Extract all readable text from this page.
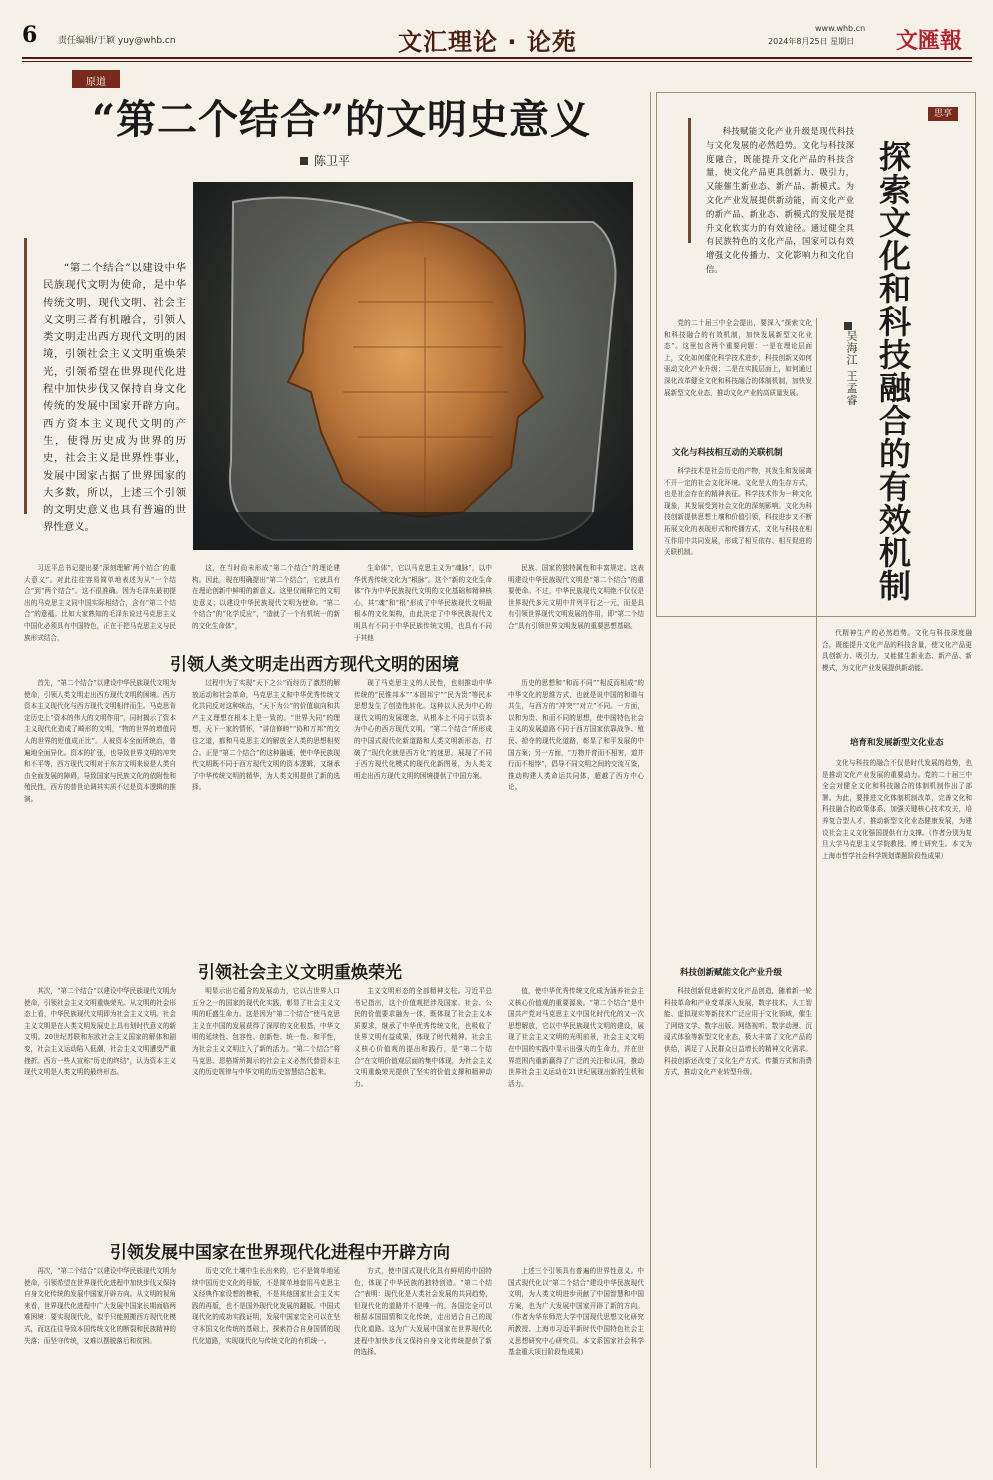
6 责任编辑/于颖 yuy@whb.cn	文汇理论 · 论苑	www.whb.cn
2024年8月25日 星期日 文匯報
原道
“第二个结合”的文明史意义
陈卫平

“第二个结合”以建设中华民族现代文明为使命，是中华传统文明、现代文明、社会主义文明三者有机融合，引领人类文明走出西方现代文明的困境，引领社会主义文明重焕荣光，引领希望在世界现代化进程中加快步伐又保持自身文化传统的发展中国家开辟方向。西方资本主义现代文明的产生，使得历史成为世界的历史，社会主义是世界性事业，发展中国家占据了世界国家的大多数，所以，上述三个引领的文明史意义也具有普遍的世界性意义。

图为河南安阳殷墟博物馆新馆内景 新华社图

习近平总书记提出要“深刻理解‘两个结合’的重大意义”。对此往往容易简单地表述为从“一个结合”到“两个结合”。这不很准确。因为毛泽东最初提出的马克思主义同中国实际相结合，含有“第二个结合”的意蕴。比如大家熟知的毛泽东说过马克思主义中国化必须具有中国特色，正在于把马克思主义与民族形式结合，

这，在当时尚未形成“第二个结合”的理论建构。因此，现在明确提出“第二个结合”，它就具有在理论创新中鲜明的新意义。这里仅阐释它的文明史意义；以建设中华民族现代文明为使命。“第二个结合”的“化学反应”，“造就了一个有机统一的新的文化生命体”，

生命体”，它以马克思主义为“魂脉”，以中华优秀传统文化为“根脉”。这个“新的文化生命体”作为中华民族现代文明的文化基础和精神核心，其“魂”和“根”形成了中华民族现代文明最根本的文化架构，由此决定了中华民族现代文明具有不同于中华民族传统文明，也具有不同于其他

民族、国家的独特属性和丰富规定。这表明建设中华民族现代文明是“第二个结合”的重要使命。不过，中华民族现代文明绝不仅仅是世界现代多元文明中并列平行之一元，而是具有引领世界现代文明发展的作用，即“第二个结合”具有引领世界文明发展的重要思想基础。

引领人类文明走出西方现代文明的困境

首先，“第二个结合”以建设中华民族现代文明为使命，引领人类文明走出西方现代文明的困境。西方资本主义现代化与西方现代文明相伴而生。马克思肯定历史上“资本的伟大的文明作用”，同时揭示了资本主义现代化造成了畸形的文明，“物的世界的增值同人的世界的贬值成正比”。人被资本全面所统治，普遍地全面异化。资本的扩张，也导致世界文明的冲突和不平等，西方现代文明对于东方文明来说是人类自由全面发展的障碍，导致国家与民族文化的依附性和殖民性，西方的普世论调其实质不过是资本逻辑的推演。

过程中为了实现“天下之公”而经历了激烈的解放运动和社会革命，马克思主义和中华优秀传统文化共同反对这种统治，“天下为公”的价值取向和共产主义理想在根本上是一致的。“世界大同”的理想，天下一家的情怀，“讲信修睦”“协和万邦”的交往之道，都和马克思主义的解放全人类的思想相契合。正是“第二个结合”的这种融通，使中华民族现代文明既不同于西方现代文明的资本逻辑，又继承了中华传统文明的精华，为人类文明提供了新的选择。

现了马克思主义的人民性，也则推动中华传统的“民惟邦本”“本固邦宁”“民为贵”等民本思想发生了创造性转化。这种以人民为中心的现代文明的发展理念，从根本上不同于以资本为中心的西方现代文明。“第二个结合”所形成的中国式现代化新道路和人类文明新形态，打破了“现代化就是西方化”的迷思，展现了不同于西方现代化模式的现代化新图景，为人类文明走出西方现代文明的困境提供了中国方案。

历史的思想和“和而不同”“相反而相成”的中华文化的思维方式，也就是说中国的和谐与共生，与西方的“冲突”“对立”不同。一方面，以和为贵、和而不同的思想，使中国特色社会主义的发展道路不同于西方国家依靠战争、殖民、掠夺的现代化道路，彰显了和平发展的中国方案；另一方面，“万物并育而不相害，道并行而不相悖”，倡导不同文明之间的交流互鉴，推动构建人类命运共同体，超越了西方中心论。

引领社会主义文明重焕荣光

其次，“第二个结合”以建设中华民族现代文明为使命，引领社会主义文明重焕荣光。从文明的社会形态上看，中华民族现代文明即为社会主义文明。社会主义文明是在人类文明发展史上具有划时代意义的新文明。20世纪苏联和东欧社会主义国家的解体和剧变，社会主义运动陷入低潮，社会主义文明遭受严重挫折。西方一些人宣称“历史的终结”，认为资本主义现代文明是人类文明的最终形态。

明显示出它蕴含的发展动力，它以占世界人口五分之一的国家的现代化实践，彰显了社会主义文明的旺盛生命力。这是因为“第二个结合”使马克思主义在中国的发展获得了深厚的文化根基，中华文明的延续性、包容性、创新性、统一性、和平性，为社会主义文明注入了新的活力。“第二个结合”将马克思、恩格斯所揭示的社会主义必然代替资本主义的历史规律与中华文明的历史智慧结合起来。

主义文明形态的全部精神支柱。习近平总书记指出，这个价值观把涉及国家、社会、公民的价值要求融为一体，既体现了社会主义本质要求，继承了中华优秀传统文化，也吸收了世界文明有益成果，体现了时代精神。社会主义核心价值观的提出和践行，是“第二个结合”在文明价值观层面的集中体现，为社会主义文明重焕荣光提供了坚实的价值支撑和精神动力。

值，使中华优秀传统文化成为涵养社会主义核心价值观的重要源泉。“第二个结合”是中国共产党对马克思主义中国化时代化的又一次思想解放，它以中华民族现代文明的建设，展现了社会主义文明的光明前景，社会主义文明在中国的实践中显示出强大的生命力，并在世界范围内重新赢得了广泛的关注和认同，推动世界社会主义运动在21世纪展现出新的生机和活力。

引领发展中国家在世界现代化进程中开辟方向

再次，“第二个结合”以建设中华民族现代文明为使命，引领希望在世界现代化进程中加快步伐又保持自身文化传统的发展中国家开辟方向。从文明的视角来看，世界现代化进程中广大发展中国家长期面临两难困境：要实现现代化，似乎只能照搬西方现代化模式，而这往往导致本国传统文化的断裂和民族精神的失落；而坚守传统，又难以摆脱落后和贫困。

历史文化土壤中生长出来的，它不是简单地延续中国历史文化的母版，不是简单地套用马克思主义经典作家设想的模板，不是其他国家社会主义实践的再版，也不是国外现代化发展的翻版。中国式现代化的成功实践证明，发展中国家完全可以在坚守本国文化传统的基础上，探索符合自身国情的现代化道路，实现现代化与传统文化的有机统一。

方式，使中国式现代化具有鲜明的中国特色，体现了中华民族的独特创造。“第二个结合”表明：现代化是人类社会发展的共同趋势，但现代化的道路并不是唯一的，各国完全可以根据本国国情和文化传统，走出适合自己的现代化道路。这为广大发展中国家在世界现代化进程中加快步伐又保持自身文化传统提供了新的选择。

上述三个引领具有普遍的世界性意义。中国式现代化以“第二个结合”建设中华民族现代文明，为人类文明进步贡献了中国智慧和中国方案，也为广大发展中国家开辟了新的方向。（作者为华东师范大学中国现代思想文化研究所教授、上海市习近平新时代中国特色社会主义思想研究中心研究员。本文系国家社会科学基金重大项目阶段性成果）

思享
探索文化和科技融合的有效机制
吴海江 王孟睿
科技赋能文化产业升级是现代科技与文化发展的必然趋势。文化与科技深度融合，既能提升文化产品的科技含量，使文化产品更具创新力、吸引力，又能催生新业态、新产品、新模式。为文化产业发展提供新动能，而文化产业的新产品、新业态、新模式的发展是提升文化软实力的有效途径。通过健全具有民族特色的文化产品，国家可以有效增强文化传播力、文化影响力和文化自信。

党的二十届三中全会提出，要深入“探索文化和科技融合的有效机制，加快发展新型文化业态”。这里包含两个重要问题：一是在理论层面上，文化如何催化科学技术进步，科技创新又如何驱动文化产业升级；二是在实践层面上，如何通过深化改革健全文化和科技融合的体制机制，加快发展新型文化业态，推动文化产业的高质量发展。

文化与科技相互动的关联机制

科学技术是社会历史的产物，其发生和发展离不开一定的社会文化环境。文化是人的生存方式，也是社会存在的精神表征。科学技术作为一种文化现象，其发展受到社会文化的深刻影响。文化为科技创新提供思想土壤和价值引领，科技进步又不断拓展文化的表现形式和传播方式，文化与科技在相互作用中共同发展，形成了相互依存、相互促进的关联机制。

科技创新赋能文化产业升级

科技创新促进新的文化产品创造，随着新一轮科技革命和产业变革深入发展，数字技术、人工智能、虚拟现实等新技术广泛应用于文化领域，催生了网络文学、数字出版、网络视听、数字动漫、沉浸式体验等新型文化业态，极大丰富了文化产品的供给，满足了人民群众日益增长的精神文化需求。科技创新还改变了文化生产方式、传播方式和消费方式，推动文化产业转型升级。

代精神生产的必然趋势。文化与科技深度融合，既能提升文化产品的科技含量，使文化产品更具创新力、吸引力，又能催生新业态、新产品、新模式，为文化产业发展提供新动能。

培育和发展新型文化业态

文化与科技的融合不仅是时代发展的趋势，也是推动文化产业发展的重要动力。党的二十届三中全会对健全文化和科技融合的体制机制作出了部署。为此，要推进文化体制机制改革，完善文化和科技融合的政策体系，加强关键核心技术攻关，培养复合型人才，推动新型文化业态健康发展，为建设社会主义文化强国提供有力支撑。（作者分别为复旦大学马克思主义学院教授、博士研究生。本文为上海市哲学社会科学规划课题阶段性成果）
